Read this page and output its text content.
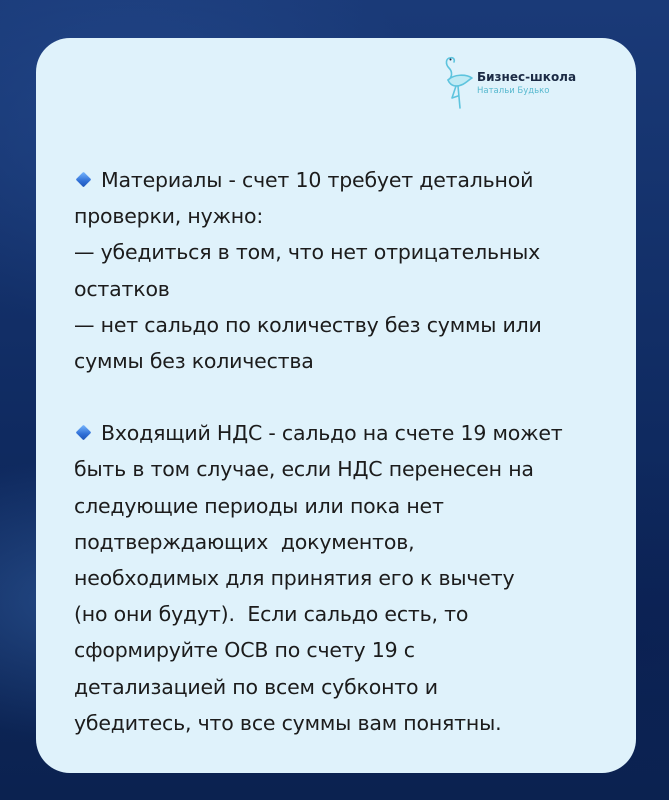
Бизнес-школа
Натальи Будько

Материалы - счет 10 требует детальной
проверки, нужно:
— убедиться в том, что нет отрицательных
остатков
— нет сальдо по количеству без суммы или
суммы без количества

Входящий НДС - сальдо на счете 19 может
быть в том случае, если НДС перенесен на
следующие периоды или пока нет
подтверждающих  документов,
необходимых для принятия его к вычету
(но они будут).  Если сальдо есть, то
сформируйте ОСВ по счету 19 с
детализацией по всем субконто и
убедитесь, что все суммы вам понятны.
